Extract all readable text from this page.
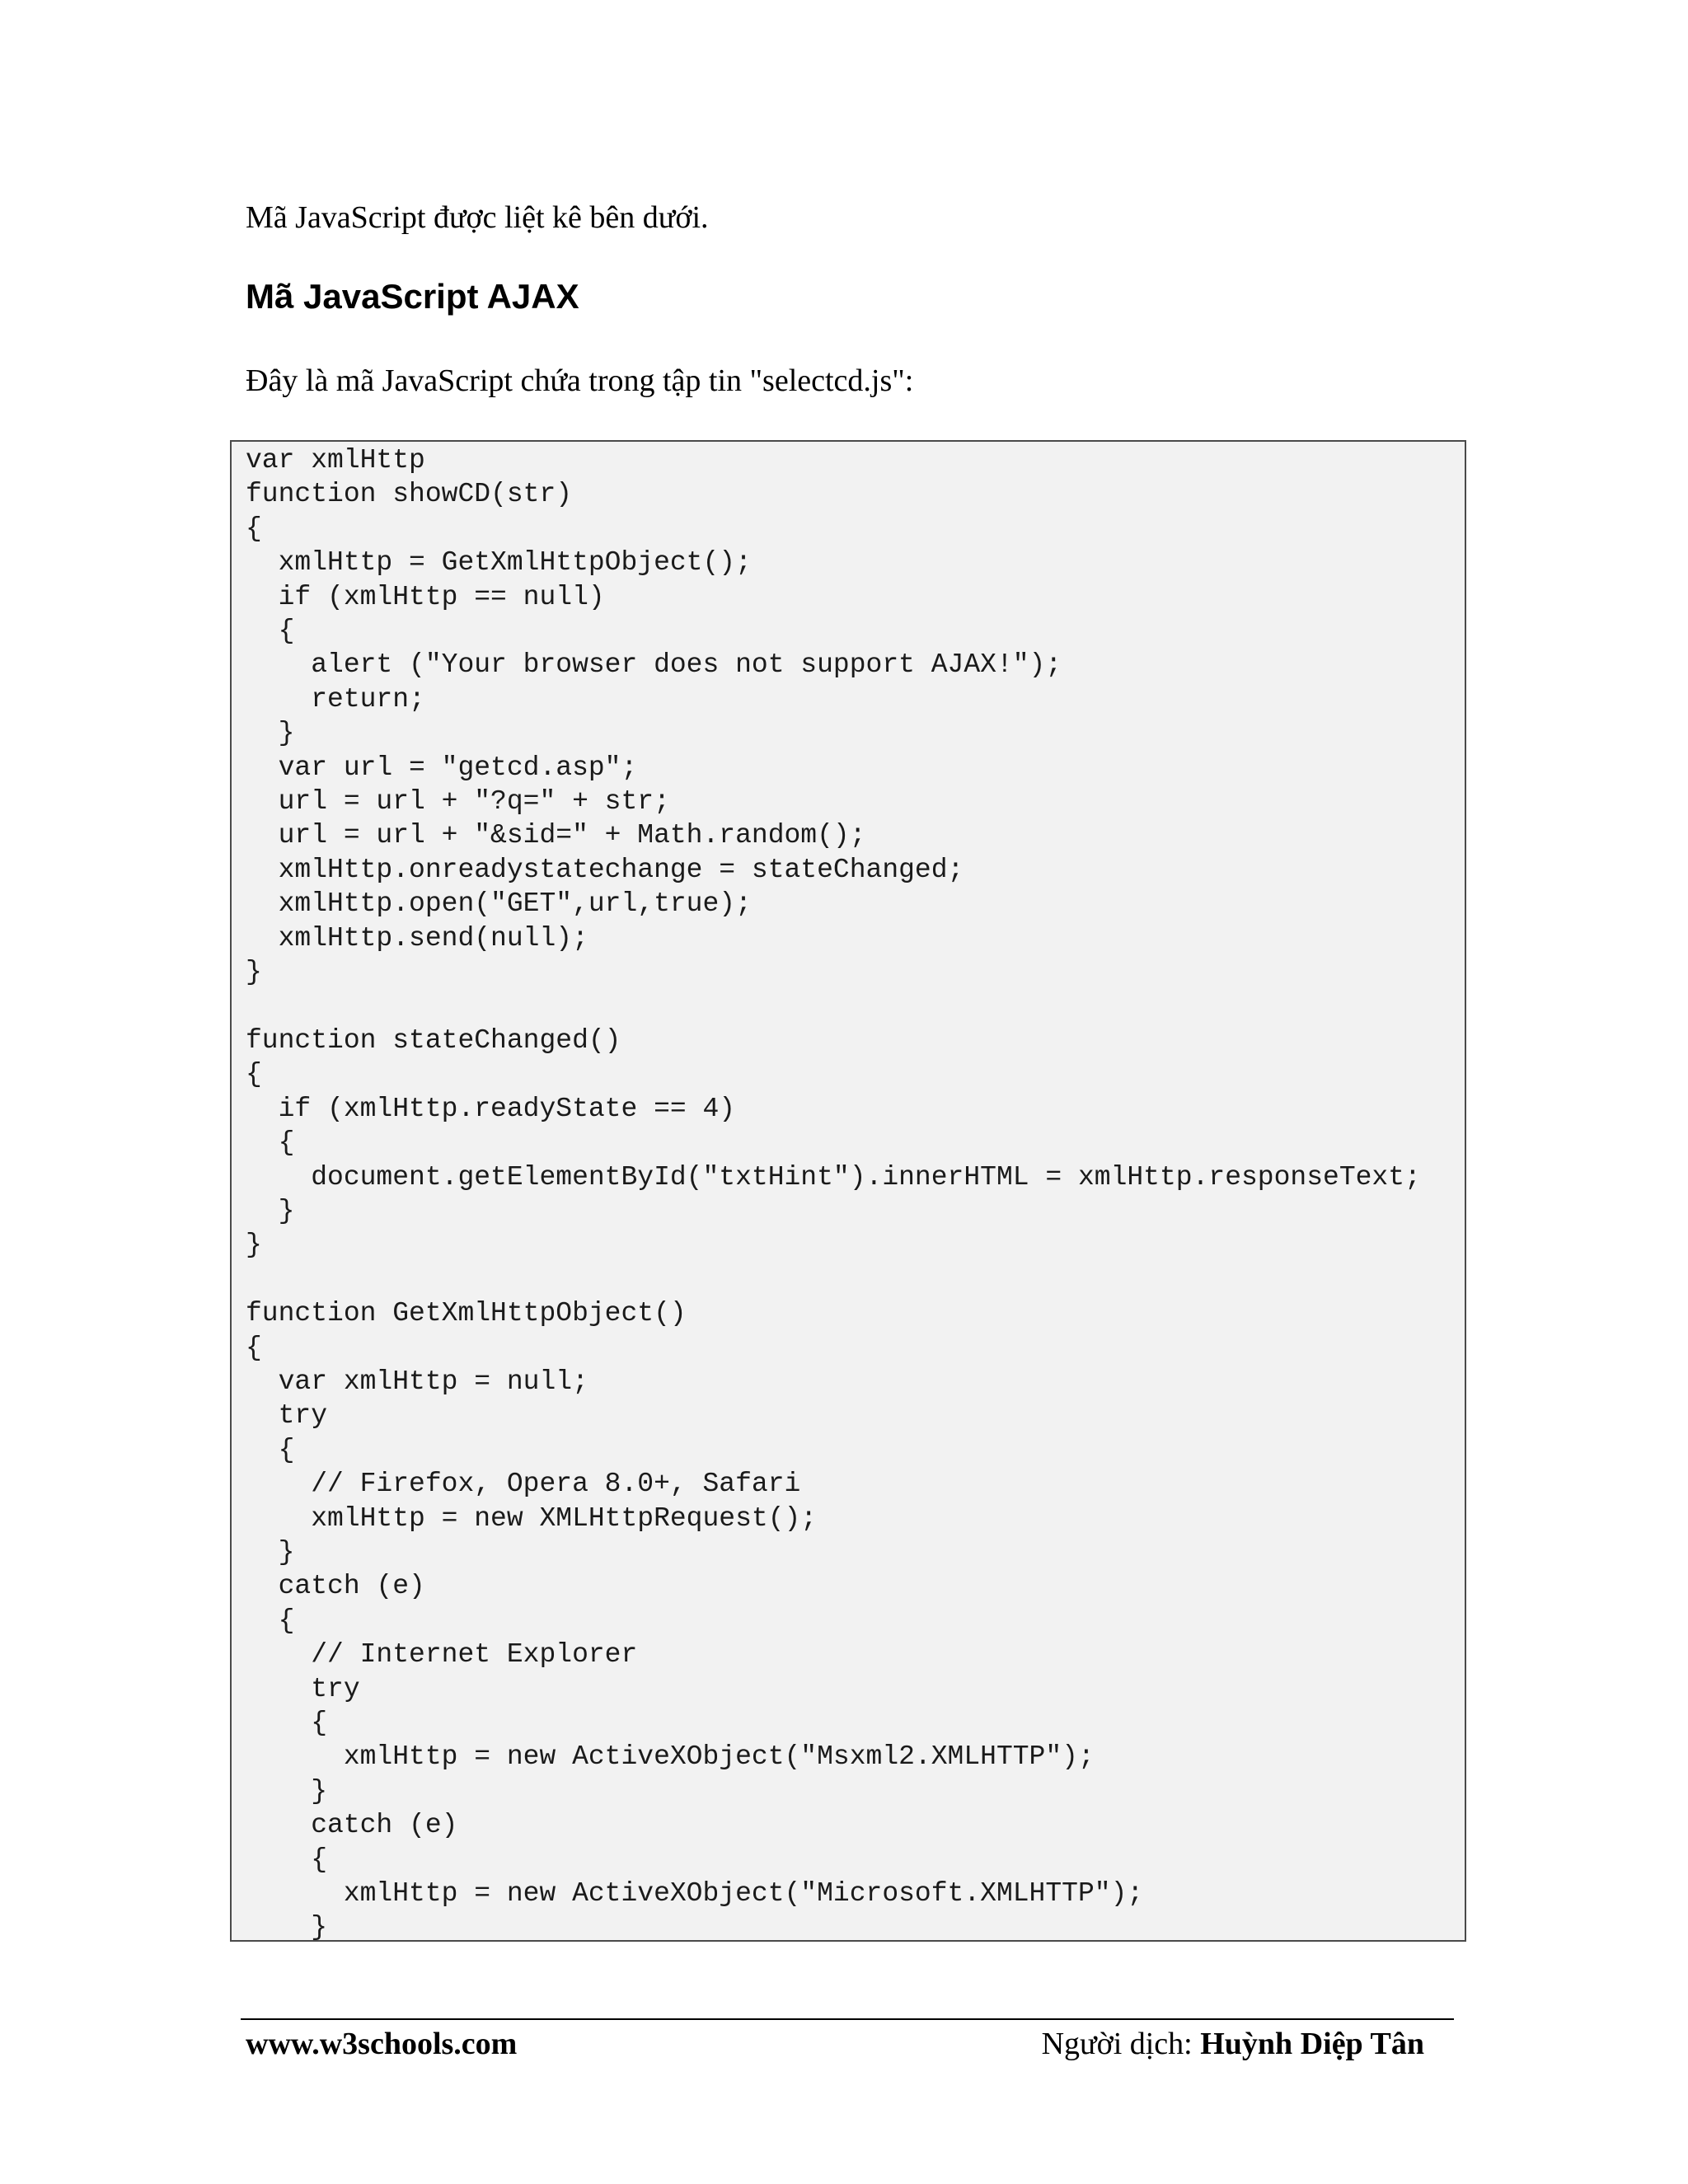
Mã JavaScript được liệt kê bên dưới.
Mã JavaScript AJAX
Đây là mã JavaScript chứa trong tập tin "selectcd.js":
var xmlHttp
function showCD(str)
{
xmlHttp = GetXmlHttpObject();
if (xmlHttp == null)
{
alert ("Your browser does not support AJAX!");
return;
}
var url = "getcd.asp";
url = url + "?q=" + str;
url = url + "&sid=" + Math.random();
xmlHttp.onreadystatechange = stateChanged;
xmlHttp.open("GET",url,true);
xmlHttp.send(null);
}

function stateChanged()
{
if (xmlHttp.readyState == 4)
{
document.getElementById("txtHint").innerHTML = xmlHttp.responseText;
}
}

function GetXmlHttpObject()
{
var xmlHttp = null;
try
{
// Firefox, Opera 8.0+, Safari
xmlHttp = new XMLHttpRequest();
}
catch (e)
{
// Internet Explorer
try
{
xmlHttp = new ActiveXObject("Msxml2.XMLHTTP");
}
catch (e)
{
xmlHttp = new ActiveXObject("Microsoft.XMLHTTP");
}
www.w3schools.com	Người dịch: Huỳnh Diệp Tân
